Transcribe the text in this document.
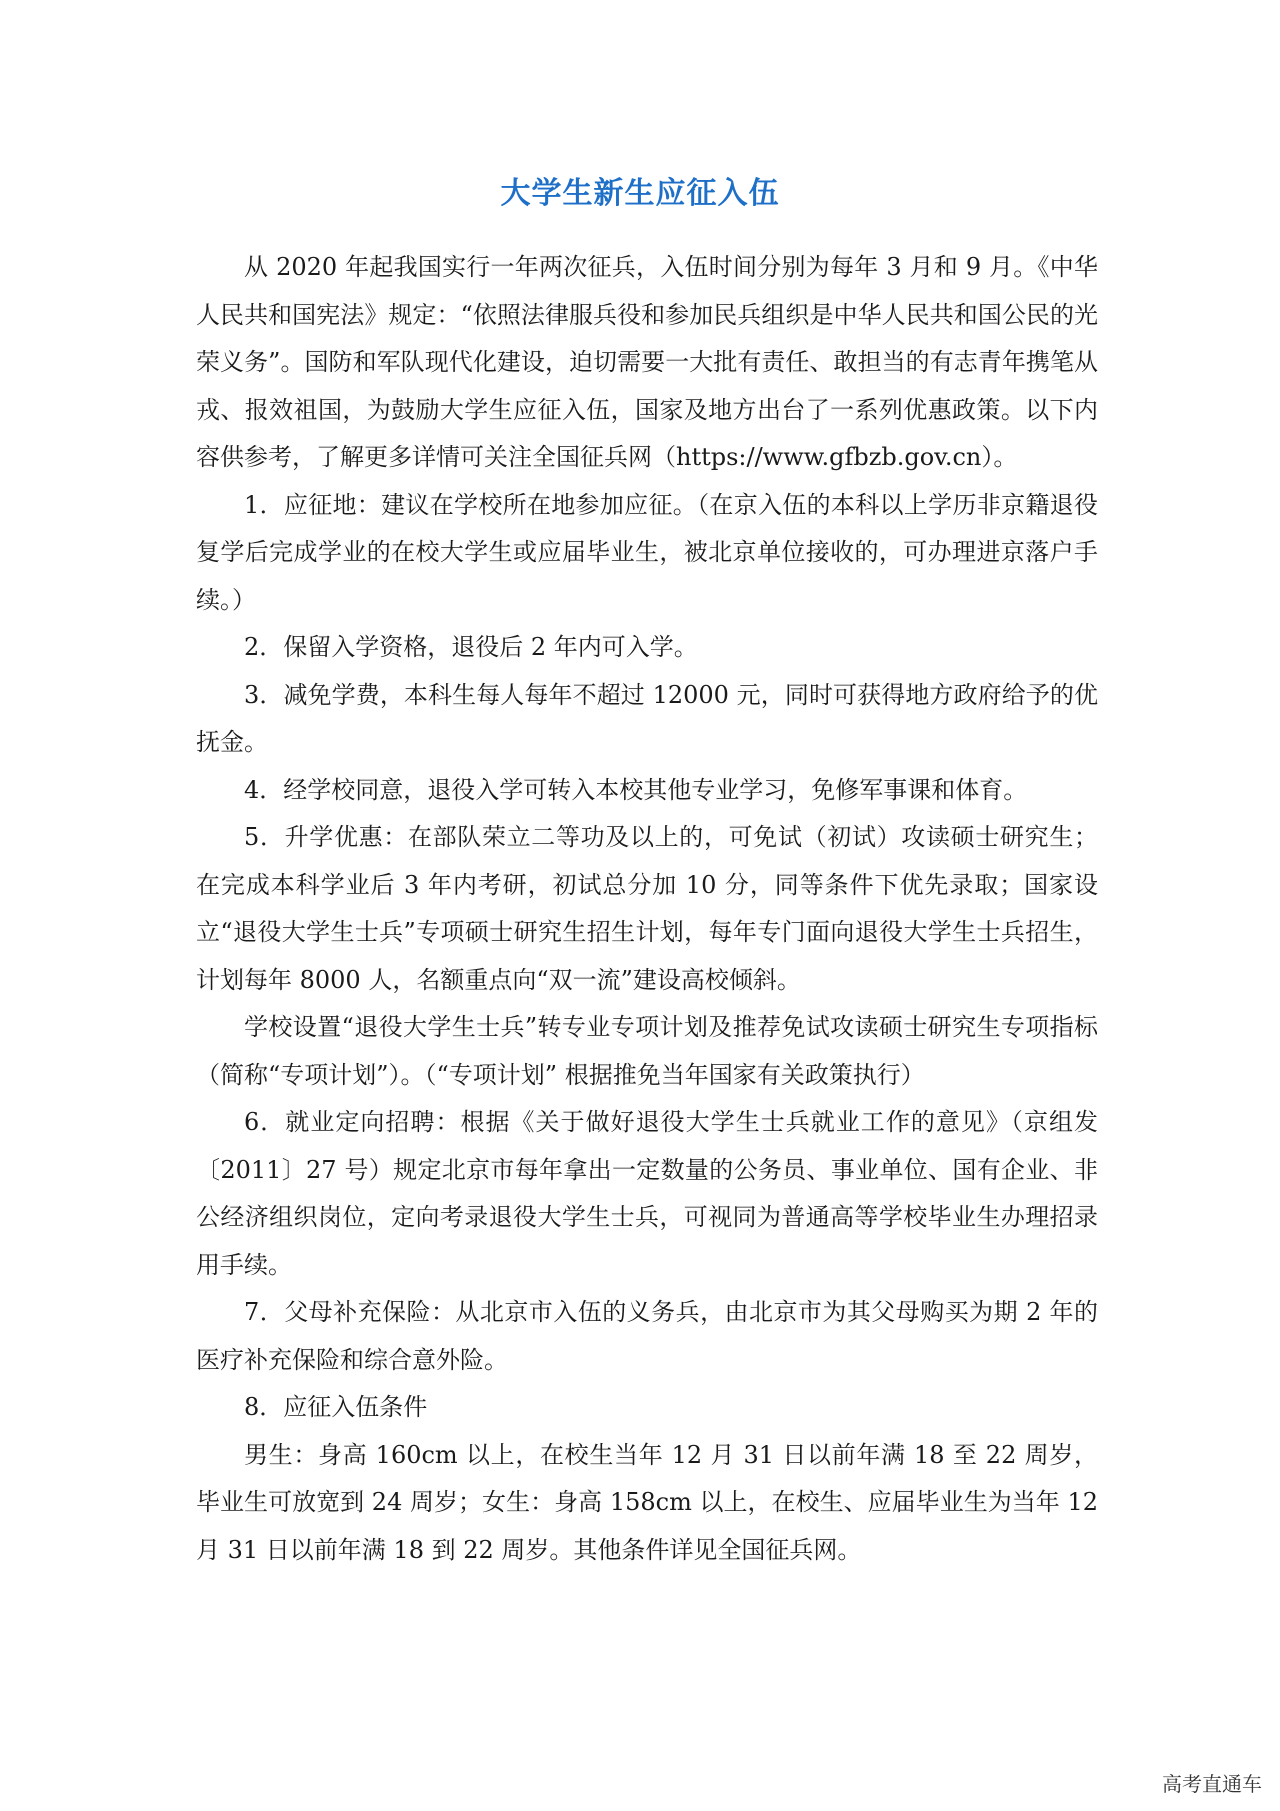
大学生新生应征入伍

从 2020 年起我国实行一年两次征兵，入伍时间分别为每年 3 月和 9 月。《中华人民共和国宪法》规定：“依照法律服兵役和参加民兵组织是中华人民共和国公民的光荣义务”。国防和军队现代化建设，迫切需要一大批有责任、敢担当的有志青年携笔从戎、报效祖国，为鼓励大学生应征入伍，国家及地方出台了一系列优惠政策。以下内容供参考，了解更多详情可关注全国征兵网（https://www.gfbzb.gov.cn）。

1．应征地：建议在学校所在地参加应征。（在京入伍的本科以上学历非京籍退役复学后完成学业的在校大学生或应届毕业生，被北京单位接收的，可办理进京落户手续。）

2．保留入学资格，退役后 2 年内可入学。

3．减免学费，本科生每人每年不超过 12000 元，同时可获得地方政府给予的优抚金。

4．经学校同意，退役入学可转入本校其他专业学习，免修军事课和体育。

5．升学优惠：在部队荣立二等功及以上的，可免试（初试）攻读硕士研究生；在完成本科学业后 3 年内考研，初试总分加 10 分，同等条件下优先录取；国家设立“退役大学生士兵”专项硕士研究生招生计划，每年专门面向退役大学生士兵招生，计划每年 8000 人，名额重点向“双一流”建设高校倾斜。

学校设置“退役大学生士兵”转专业专项计划及推荐免试攻读硕士研究生专项指标（简称“专项计划”）。（“专项计划” 根据推免当年国家有关政策执行）

6．就业定向招聘：根据《关于做好退役大学生士兵就业工作的意见》（京组发〔2011〕27 号）规定北京市每年拿出一定数量的公务员、事业单位、国有企业、非公经济组织岗位，定向考录退役大学生士兵，可视同为普通高等学校毕业生办理招录用手续。

7．父母补充保险：从北京市入伍的义务兵，由北京市为其父母购买为期 2 年的医疗补充保险和综合意外险。

8．应征入伍条件

男生：身高 160cm 以上，在校生当年 12 月 31 日以前年满 18 至 22 周岁，毕业生可放宽到 24 周岁；女生：身高 158cm 以上，在校生、应届毕业生为当年 12 月 31 日以前年满 18 到 22 周岁。其他条件详见全国征兵网。

高考直通车
